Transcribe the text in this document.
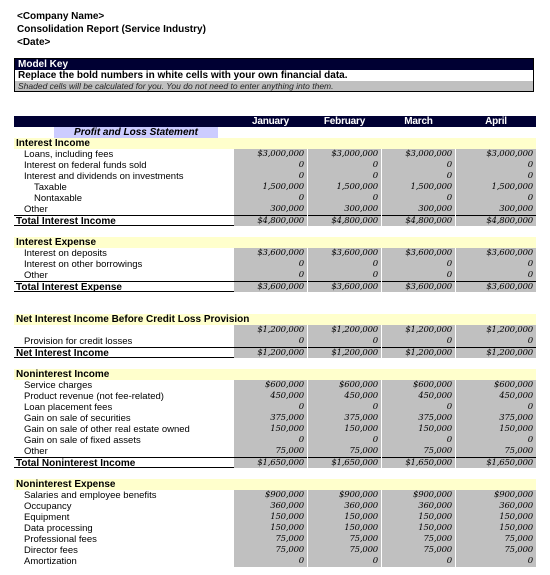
<Company Name>
Consolidation Report (Service Industry)
<Date>
Model Key
Replace the bold numbers in white cells with your own financial data.
Shaded cells will be calculated for you. You do not need to enter anything into them.
January	February	March	April
Profit and Loss Statement
Interest Income
Loans, including fees	$3,000,000	$3,000,000	$3,000,000	$3,000,000
Interest on federal funds sold	0	0	0	0
Interest and dividends on investments	0	0	0	0
Taxable	1,500,000	1,500,000	1,500,000	1,500,000
Nontaxable	0	0	0	0
Other	300,000	300,000	300,000	300,000
Total Interest Income	$4,800,000	$4,800,000	$4,800,000	$4,800,000
Interest Expense
Interest on deposits	$3,600,000	$3,600,000	$3,600,000	$3,600,000
Interest on other borrowings	0	0	0	0
Other	0	0	0	0
Total Interest Expense	$3,600,000	$3,600,000	$3,600,000	$3,600,000
Net Interest Income Before Credit Loss Provision
$1,200,000	$1,200,000	$1,200,000	$1,200,000
Provision for credit losses	0	0	0	0
Net Interest Income	$1,200,000	$1,200,000	$1,200,000	$1,200,000
Noninterest Income
Service charges	$600,000	$600,000	$600,000	$600,000
Product revenue (not fee-related)	450,000	450,000	450,000	450,000
Loan placement fees	0	0	0	0
Gain on sale of securities	375,000	375,000	375,000	375,000
Gain on sale of other real estate owned	150,000	150,000	150,000	150,000
Gain on sale of fixed assets	0	0	0	0
Other	75,000	75,000	75,000	75,000
Total Noninterest Income	$1,650,000	$1,650,000	$1,650,000	$1,650,000
Noninterest Expense
Salaries and employee benefits	$900,000	$900,000	$900,000	$900,000
Occupancy	360,000	360,000	360,000	360,000
Equipment	150,000	150,000	150,000	150,000
Data processing	150,000	150,000	150,000	150,000
Professional fees	75,000	75,000	75,000	75,000
Director fees	75,000	75,000	75,000	75,000
Amortization	0	0	0	0
